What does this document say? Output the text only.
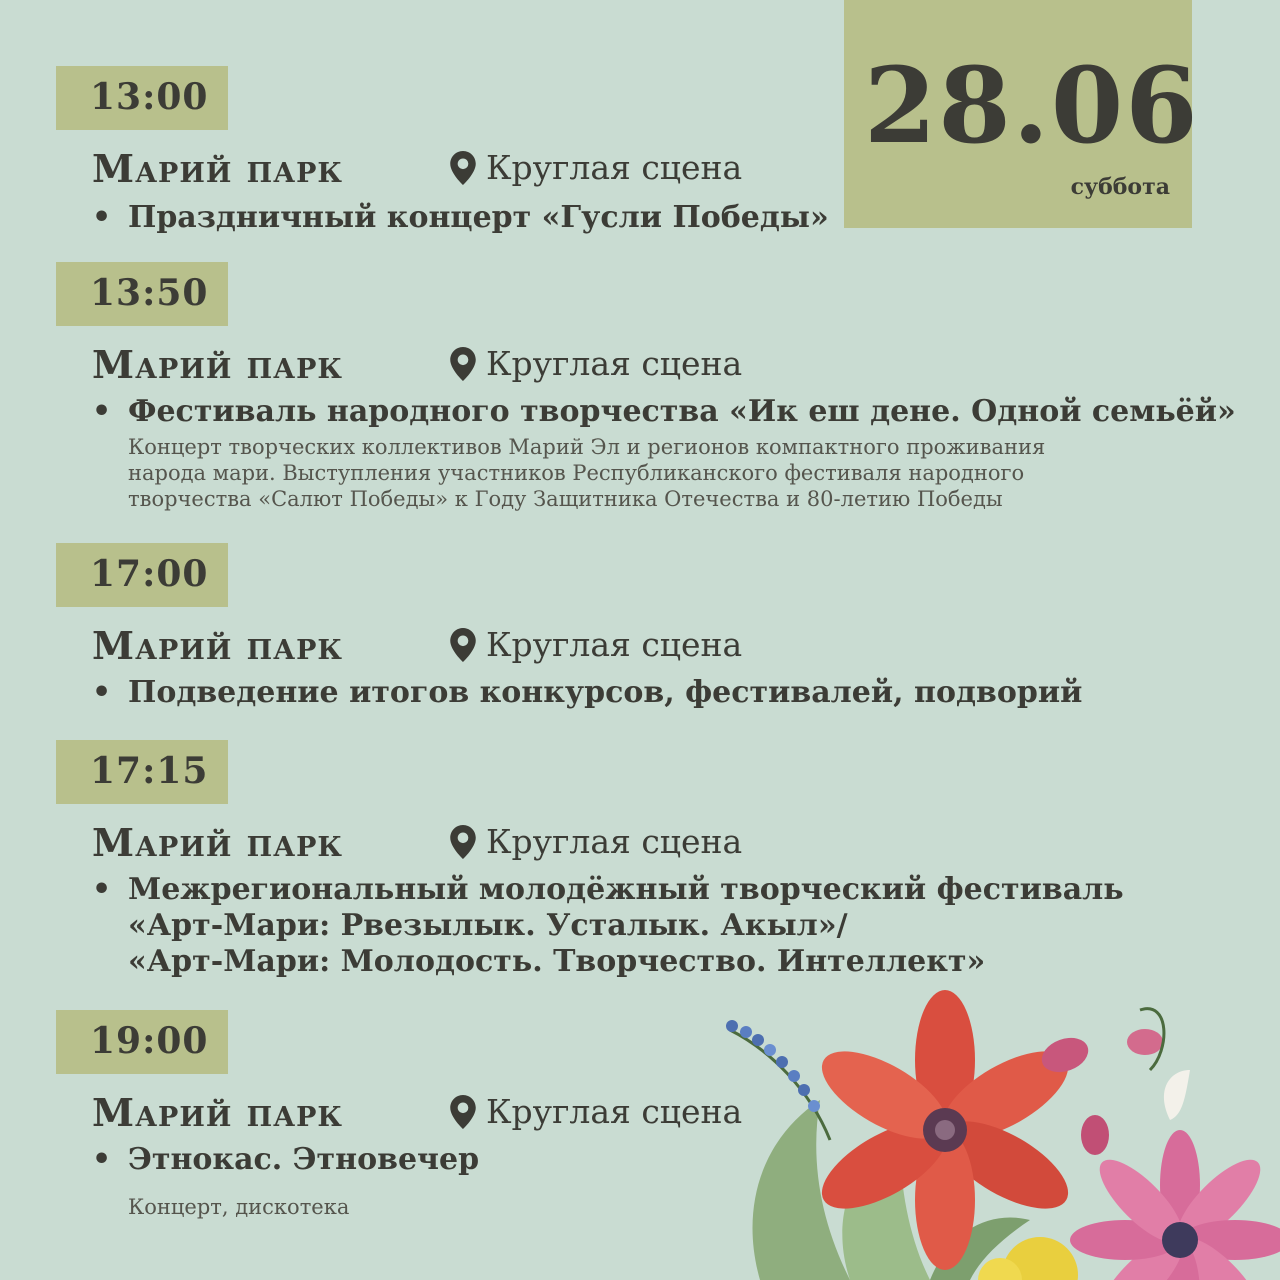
28.06
суббота
13:00
Марий парк	Круглая сцена
• Праздничный концерт «Гусли Победы»
13:50
Марий парк	Круглая сцена
• Фестиваль народного творчества «Ик еш дене. Одной семьёй»
Концерт творческих коллективов Марий Эл и регионов компактного проживания
народа мари. Выступления участников Республиканского фестиваля народного
творчества «Салют Победы» к Году Защитника Отечества и 80-летию Победы
17:00
Марий парк	Круглая сцена
• Подведение итогов конкурсов, фестивалей, подворий
17:15
Марий парк	Круглая сцена
• Межрегиональный молодёжный творческий фестиваль
«Арт-Мари: Рвезылык. Усталык. Акыл»/
«Арт-Мари: Молодость. Творчество. Интеллект»
19:00
Марий парк	Круглая сцена
• Этнокас. Этновечер
Концерт, дискотека
